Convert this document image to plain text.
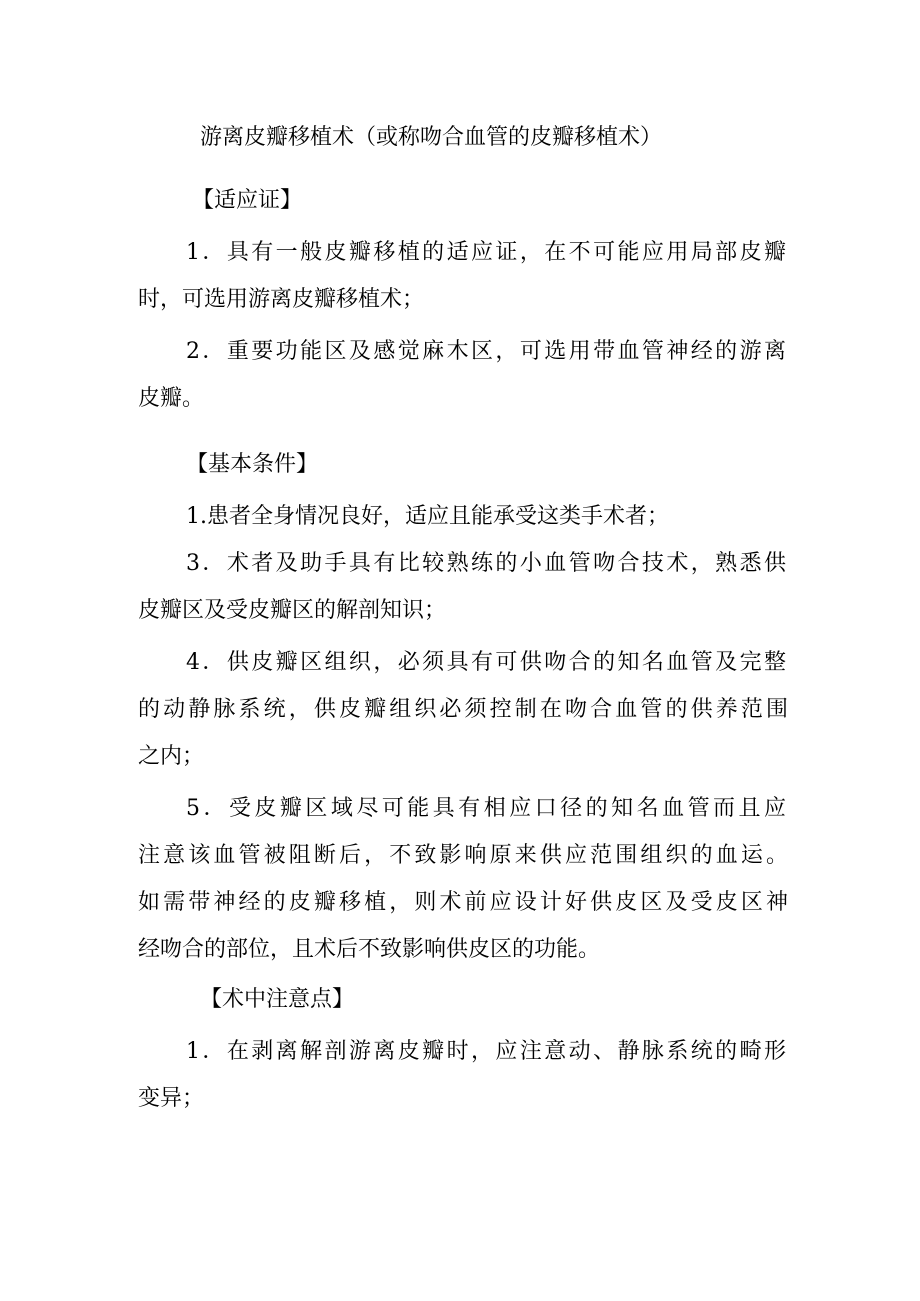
游离皮瓣移植术（或称吻合血管的皮瓣移植术）
【适应证】
1．具有一般皮瓣移植的适应证，在不可能应用局部皮瓣
时，可选用游离皮瓣移植术；
2．重要功能区及感觉麻木区，可选用带血管神经的游离
皮瓣。
【基本条件】
1.患者全身情况良好，适应且能承受这类手术者；
3．术者及助手具有比较熟练的小血管吻合技术，熟悉供
皮瓣区及受皮瓣区的解剖知识；
4．供皮瓣区组织，必须具有可供吻合的知名血管及完整
的动静脉系统，供皮瓣组织必须控制在吻合血管的供养范围
之内；
5．受皮瓣区域尽可能具有相应口径的知名血管而且应
注意该血管被阻断后，不致影响原来供应范围组织的血运。
如需带神经的皮瓣移植，则术前应设计好供皮区及受皮区神
经吻合的部位，且术后不致影响供皮区的功能。
【术中注意点】
1．在剥离解剖游离皮瓣时，应注意动、静脉系统的畸形
变异；
